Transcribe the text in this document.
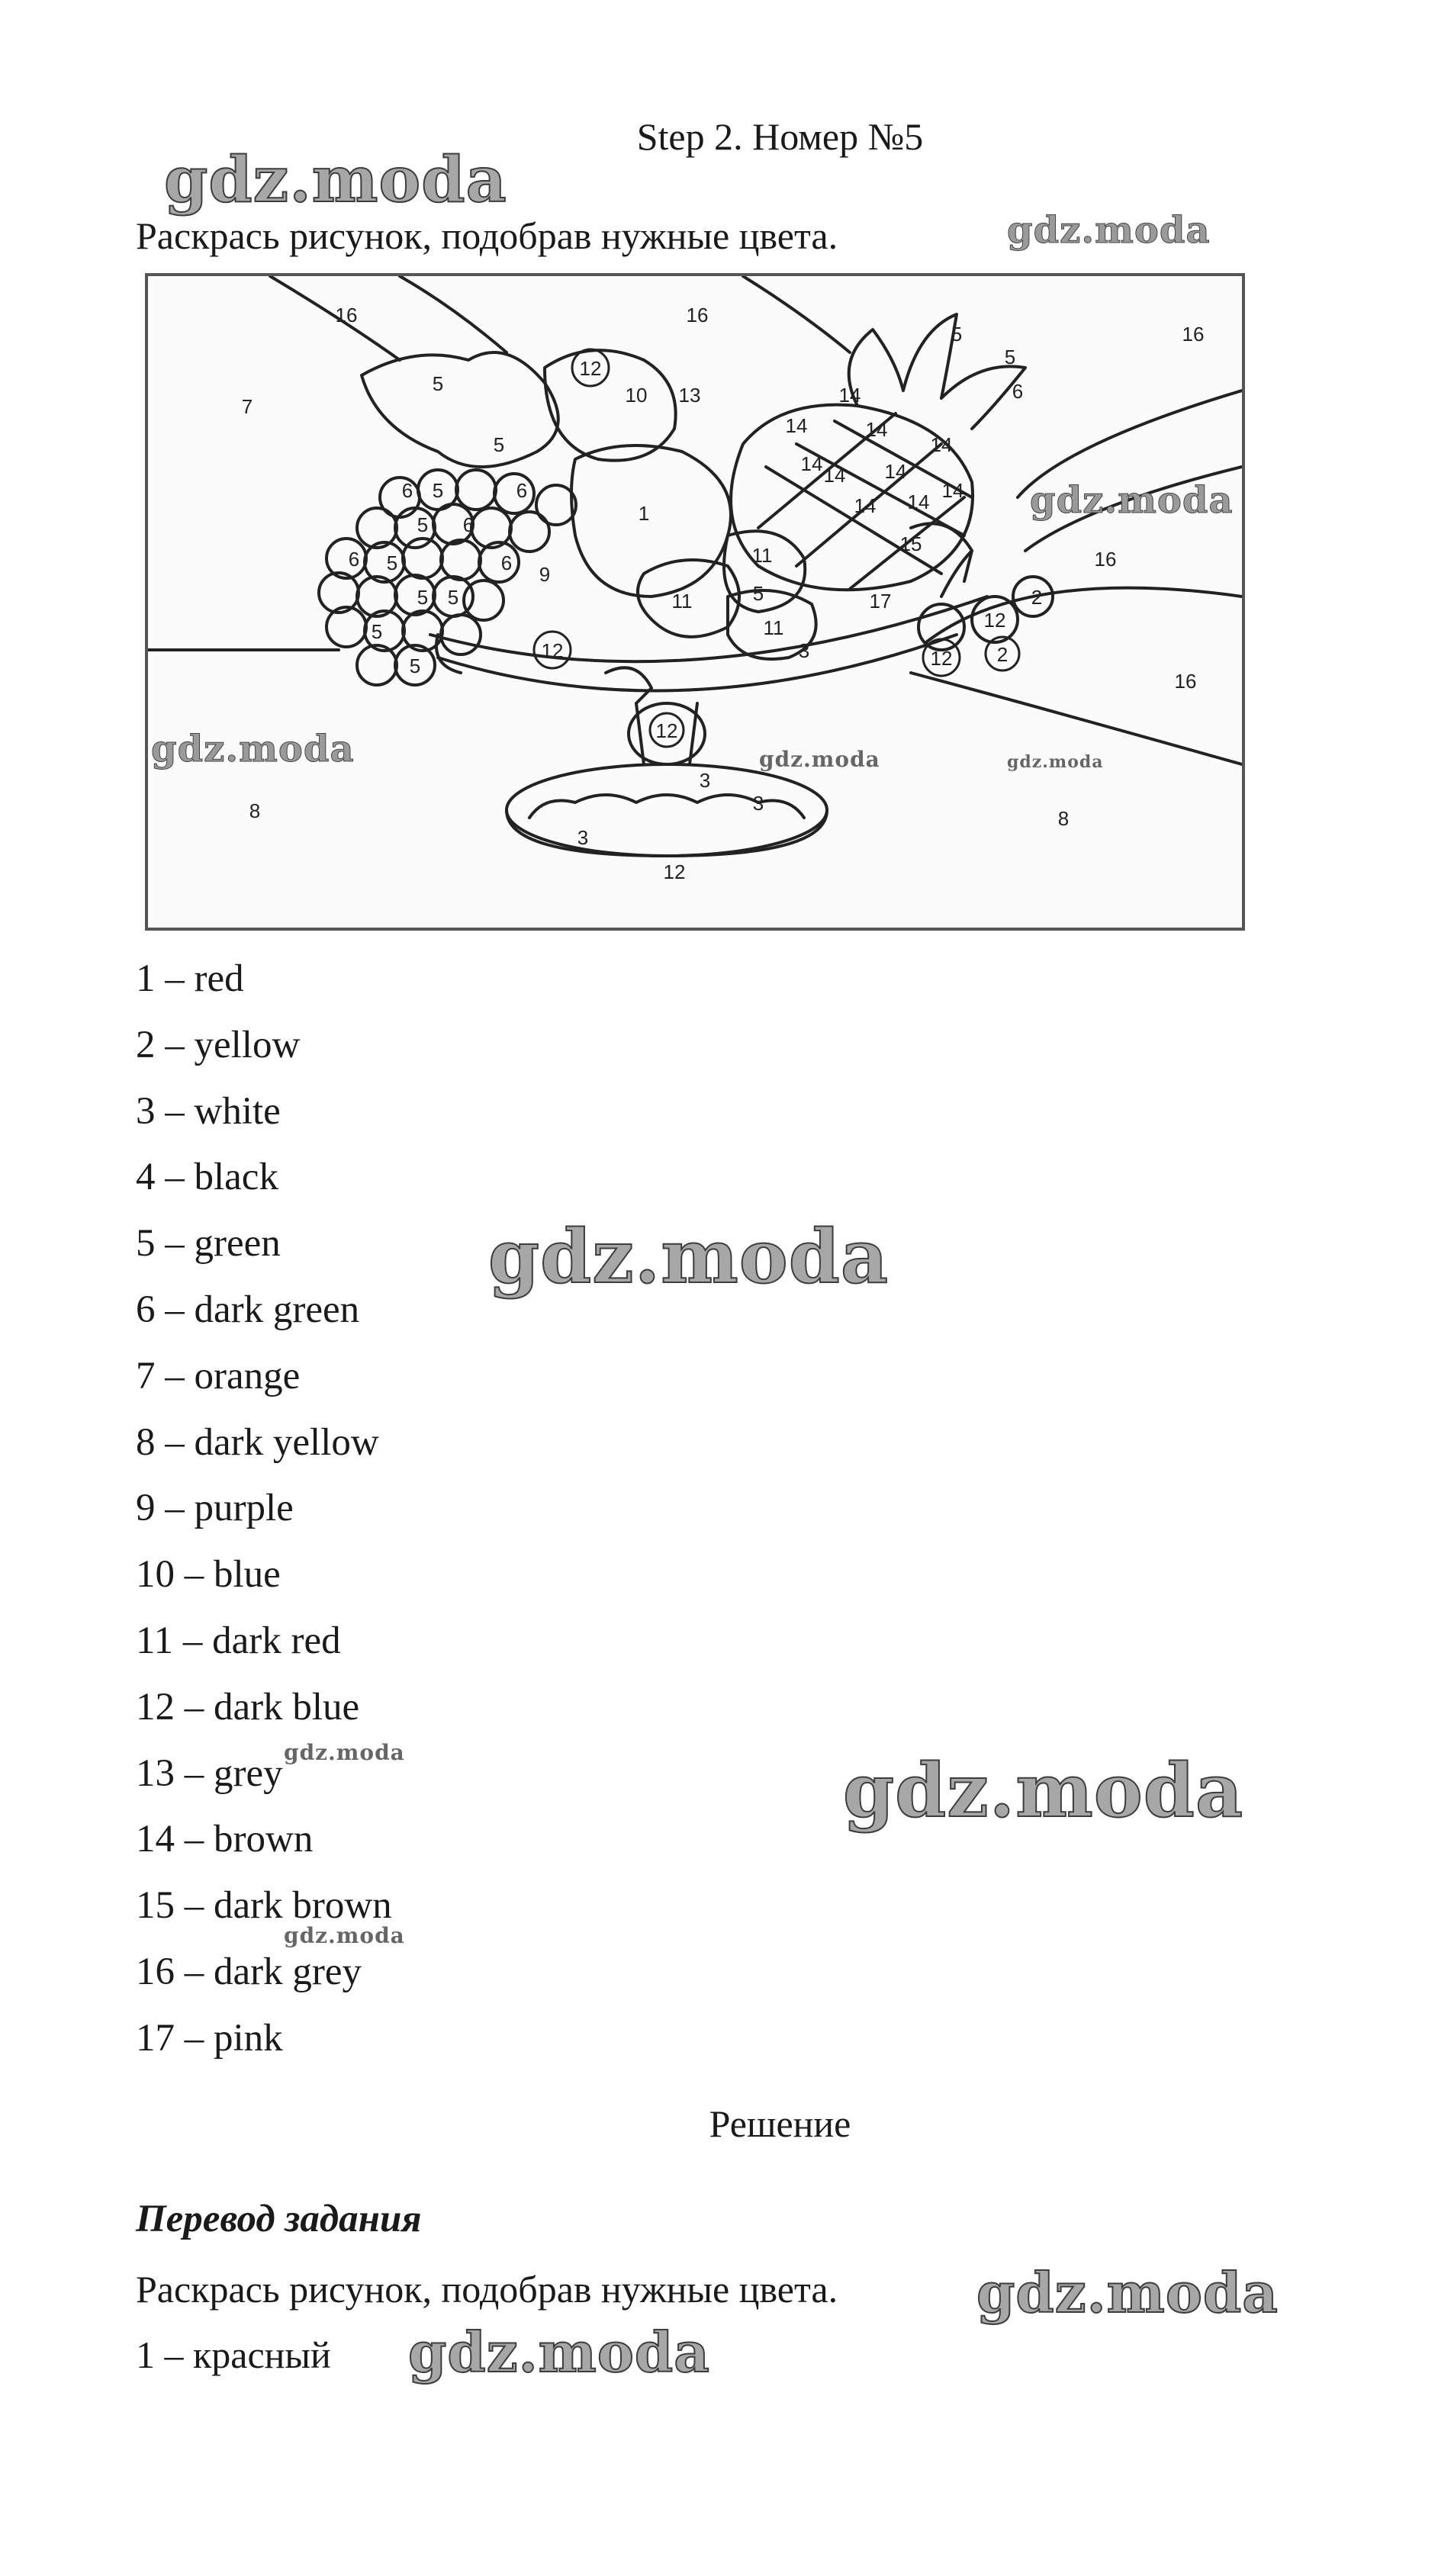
Step 2. Номер №5
Раскрась рисунок, подобрав нужные цвета.
16	16
16
16
16
7
5
12
10 13
14
14
14
14
14 14
14
14 14 14
5
5
5
6
6	6
6
6	6
5
5
5
5
5
5
5
1
9
11
11
11
5	17
15
2
2
12
12
12	3
3
3
3
12
12
8	8
1 – red
2 – yellow
3 – white
4 – black
5 – green
6 – dark green
7 – orange
8 – dark yellow
9 – purple
10 – blue
11 – dark red
12 – dark blue
13 – grey
14 – brown
15 – dark brown
16 – dark grey
17 – pink
Решение
Перевод задания
Раскрась рисунок, подобрав нужные цвета.
1 – красный
gdz.moda
gdz.moda
gdz.moda
gdz.moda	gdz.moda	gdz.moda
gdz.moda
gdz.moda
gdz.moda
gdz.moda
gdz.moda
gdz.moda
